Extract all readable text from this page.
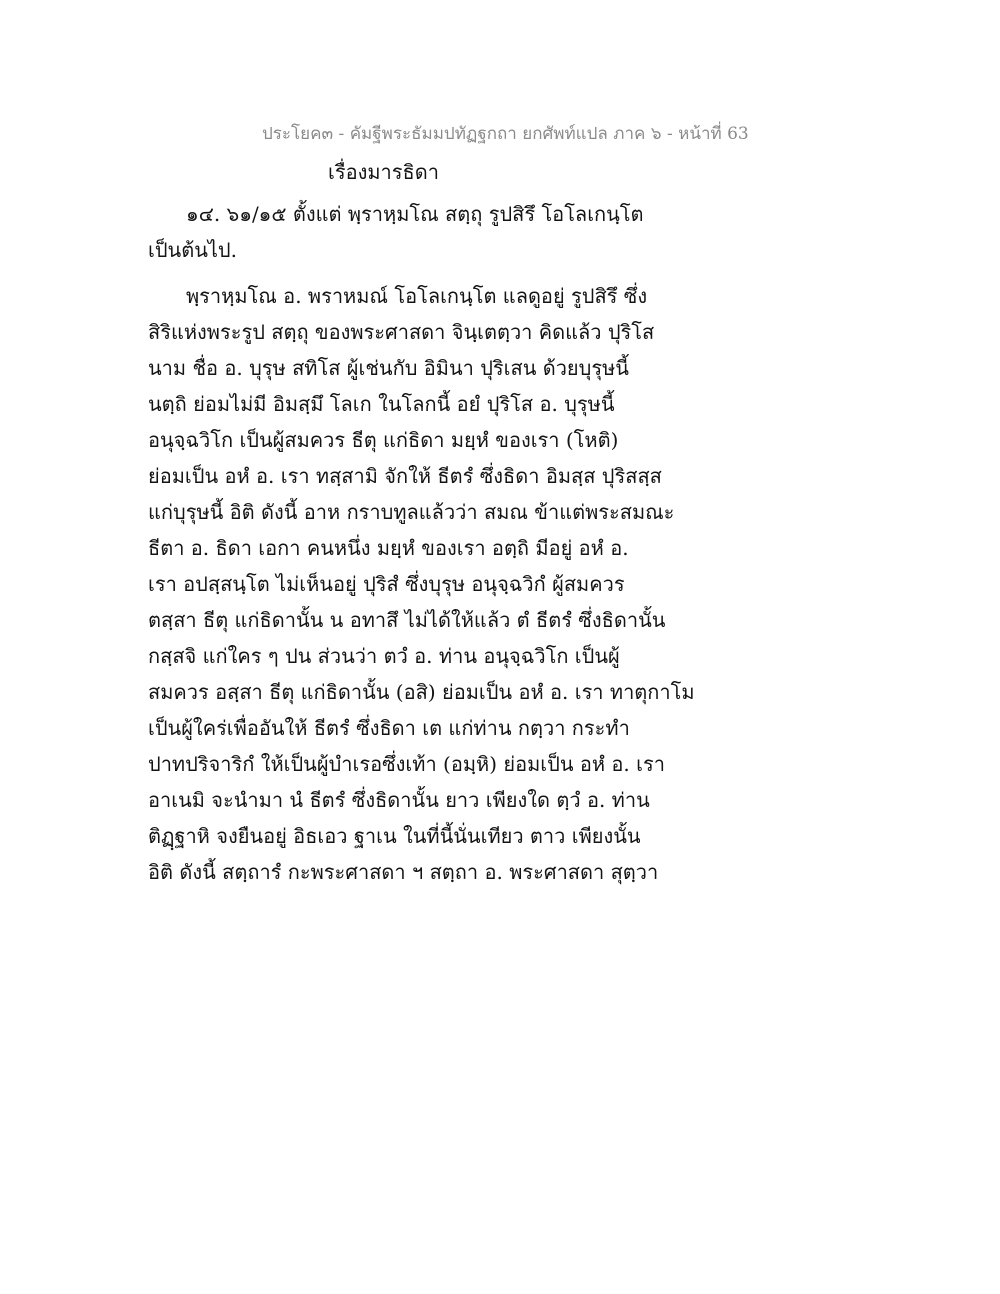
ประโยค๓ - คัมฐีพระธัมมปทัฏฐกถา ยกศัพท์แปล ภาค ๖ - หน้าที่ 63
เรื่องมารธิดา
๑๔. ๖๑/๑๕ ตั้งแต่ พฺราหฺมโณ สตฺถุ รูปสิรึ โอโลเกนฺโต
เป็นต้นไป.
พฺราหฺมโณ อ. พราหมณ์ โอโลเกนฺโต แลดูอยู่ รูปสิรึ ซึ่ง
สิริแห่งพระรูป สตฺถุ ของพระศาสดา จินฺเตตฺวา คิดแล้ว ปุริโส
นาม ชื่อ อ. บุรุษ สทิโส ผู้เช่นกับ อิมินา ปุริเสน ด้วยบุรุษนี้
นตฺถิ ย่อมไม่มี อิมสฺมึ โลเก ในโลกนี้ อยํ ปุริโส อ. บุรุษนี้
อนุจฺฉวิโก เป็นผู้สมควร ธีตุ แก่ธิดา มยฺหํ ของเรา (โหติ)
ย่อมเป็น อหํ อ. เรา ทสฺสามิ จักให้ ธีตรํ ซึ่งธิดา อิมสฺส ปุริสสฺส
แก่บุรุษนี้ อิติ ดังนี้ อาห กราบทูลแล้วว่า สมณ ข้าแต่พระสมณะ
ธีตา อ. ธิดา เอกา คนหนึ่ง มยฺหํ ของเรา อตฺถิ มีอยู่ อหํ อ.
เรา อปสฺสนฺโต ไม่เห็นอยู่ ปุริสํ ซึ่งบุรุษ อนุจฺฉวิกํ ผู้สมควร
ตสฺสา ธีตุ แก่ธิดานั้น น อทาสึ ไม่ได้ให้แล้ว ตํ ธีตรํ ซึ่งธิดานั้น
กสฺสจิ แก่ใคร ๆ ปน ส่วนว่า ตวํ อ. ท่าน อนุจฺฉวิโก เป็นผู้
สมควร อสฺสา ธีตุ แก่ธิดานั้น (อสิ) ย่อมเป็น อหํ อ. เรา ทาตุกาโม
เป็นผู้ใคร่เพื่ออันให้ ธีตรํ ซึ่งธิดา เต แก่ท่าน กตฺวา กระทำ
ปาทปริจาริกํ ให้เป็นผู้บำเรอซึ่งเท้า (อมฺหิ) ย่อมเป็น อหํ อ. เรา
อาเนมิ จะนำมา นํ ธีตรํ ซึ่งธิดานั้น ยาว เพียงใด ตฺวํ อ. ท่าน
ติฏฺฐาหิ จงยืนอยู่ อิธเอว ฐาเน ในที่นี้นั่นเทียว ตาว เพียงนั้น
อิติ ดังนี้ สตฺถารํ กะพระศาสดา ฯ สตฺถา อ. พระศาสดา สุตฺวา
